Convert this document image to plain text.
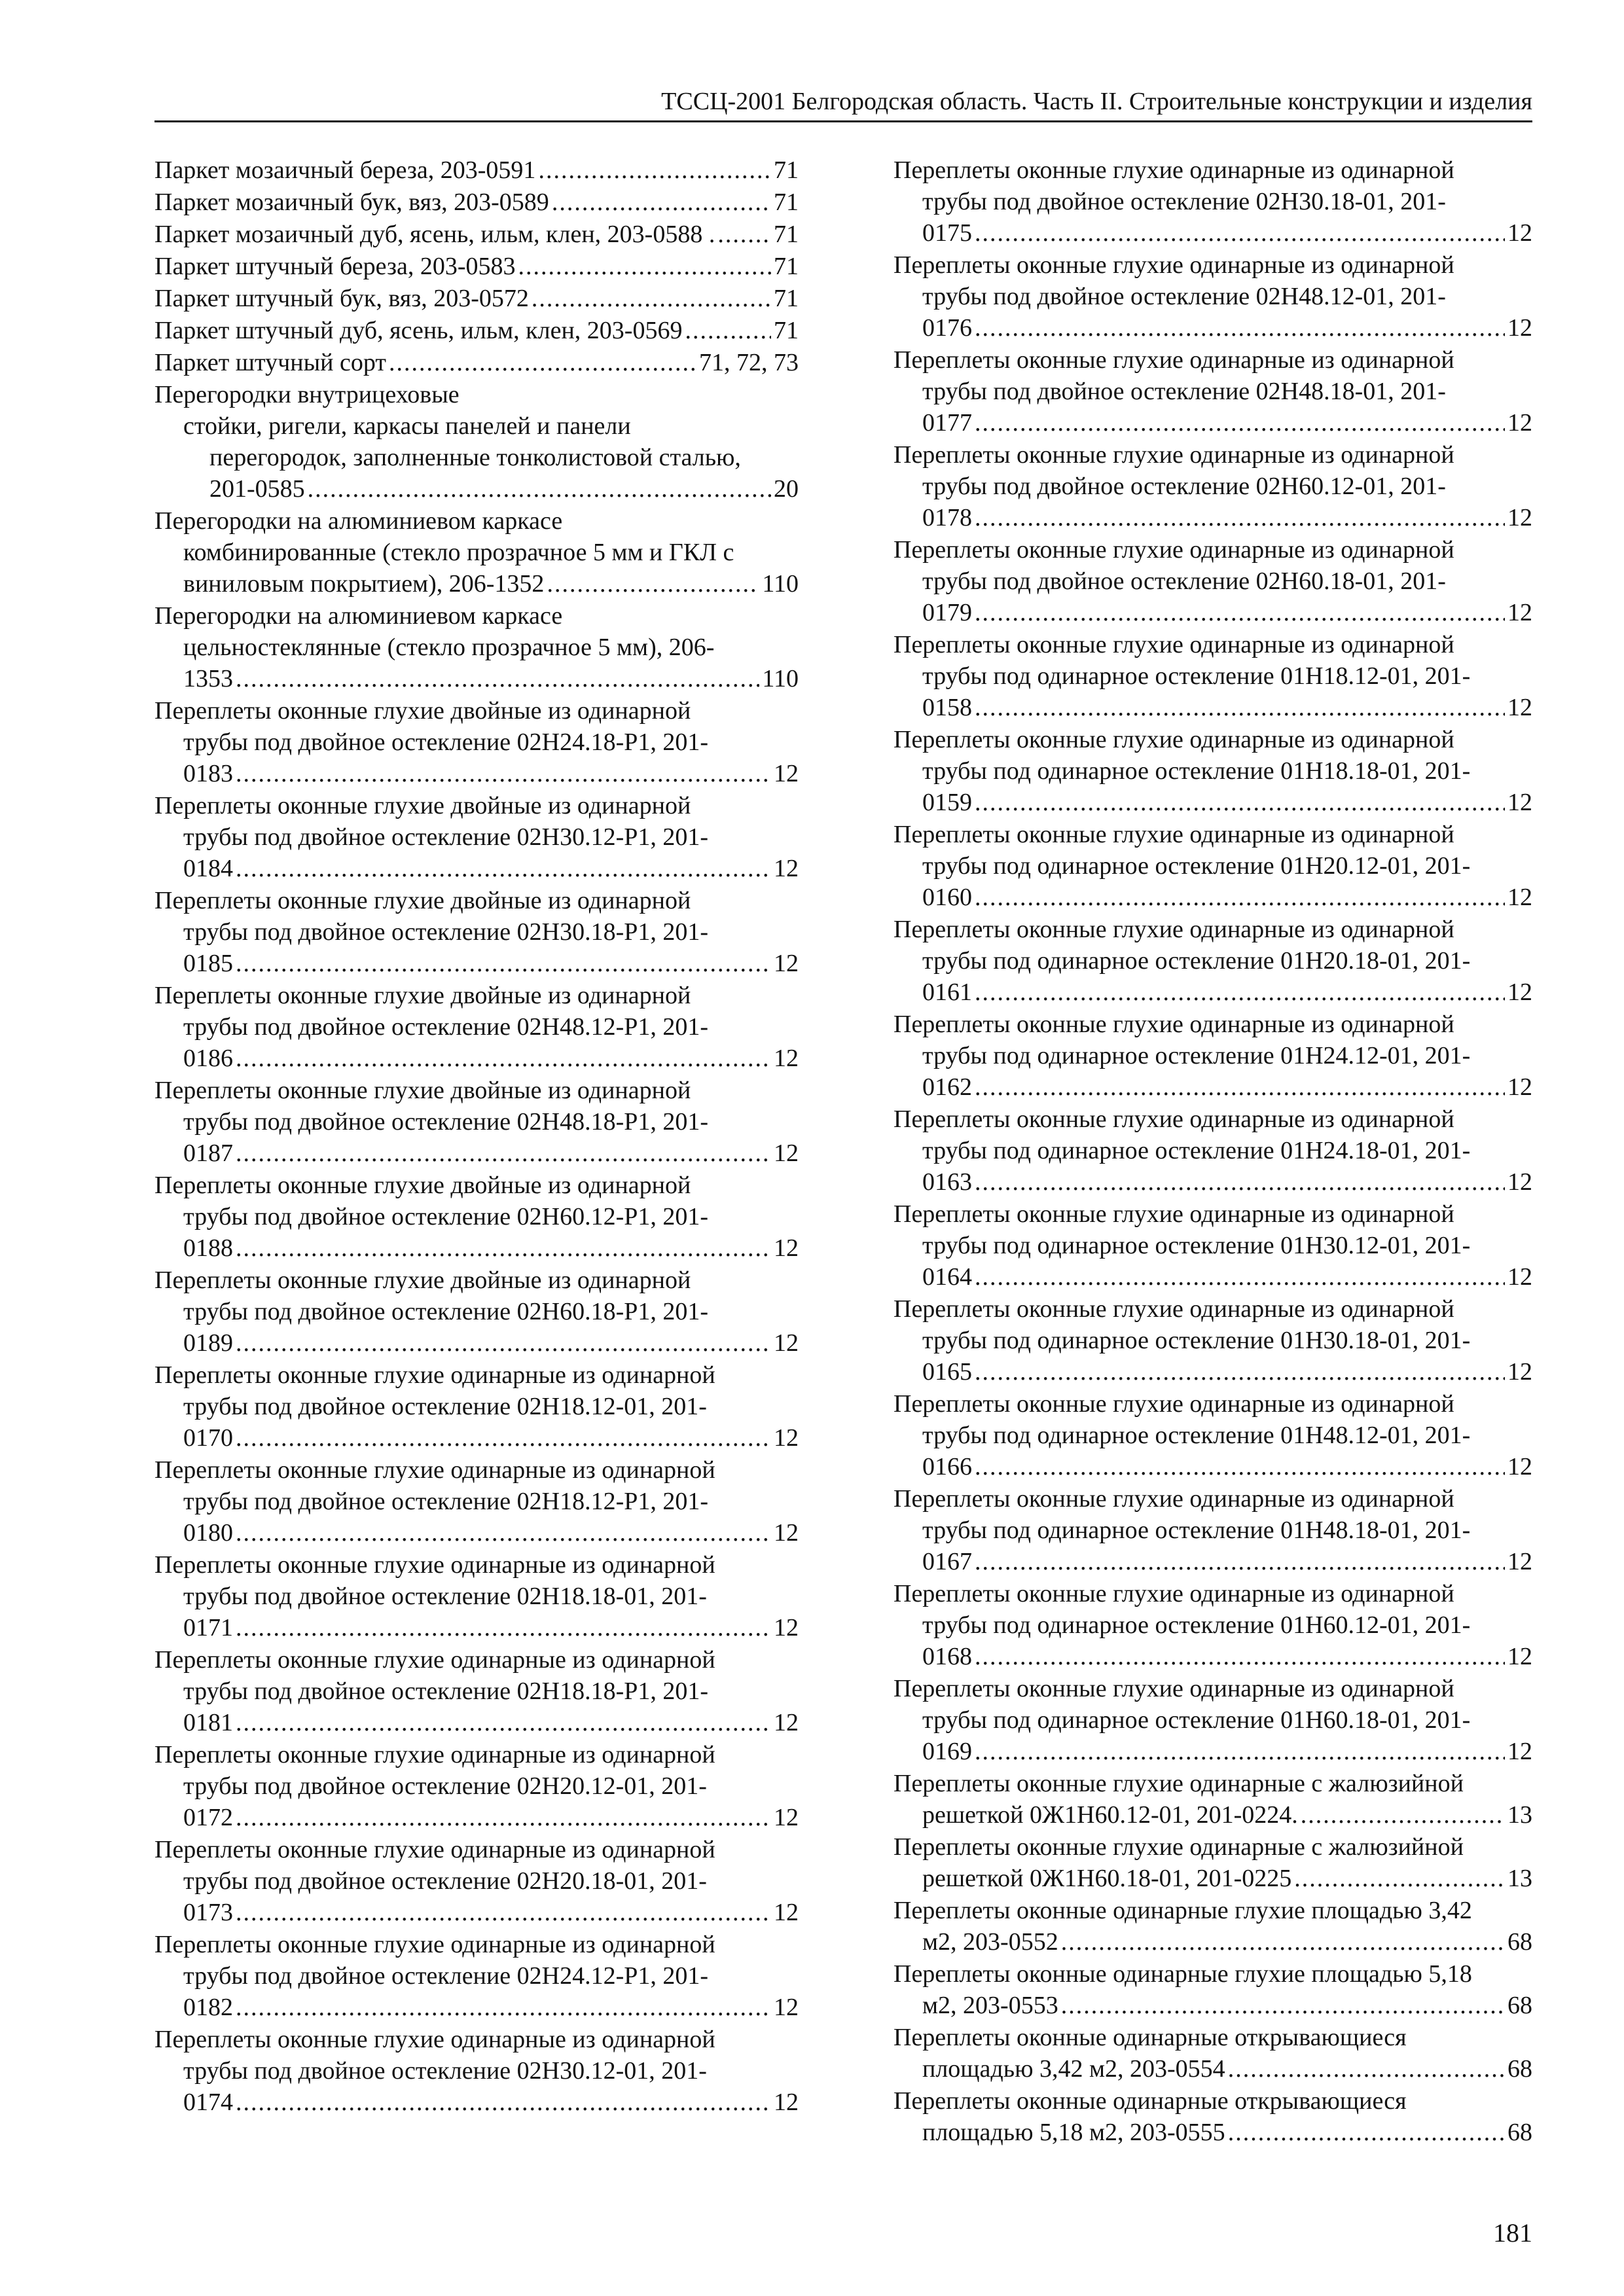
ТССЦ-2001 Белгородская область. Часть II. Строительные конструкции и изделия
Паркет мозаичный береза, 203-0591 .....	71
Паркет мозаичный бук, вяз, 203-0589 .....	71
Паркет мозаичный дуб, ясень, ильм, клен, 203-0588 . ..... 71
Паркет штучный береза, 203-0583 .....	71
Паркет штучный бук, вяз, 203-0572 .....	71
Паркет штучный дуб, ясень, ильм, клен, 203-0569 .....	71
Паркет штучный сорт .....	71, 72, 73
Перегородки внутрицеховые
стойки, ригели, каркасы панелей и панели
перегородок, заполненные тонколистовой сталью,
201-0585 .....	20
Перегородки на алюминиевом каркасе
комбинированные (стекло прозрачное 5 мм и ГКЛ с
виниловым покрытием), 206-1352 .....	110
Перегородки на алюминиевом каркасе
цельностеклянные (стекло прозрачное 5 мм), 206-
1353 .....	110
Переплеты оконные глухие двойные из одинарной
трубы под двойное остекление 02Н24.18-Р1, 201-
0183 .....	12
Переплеты оконные глухие двойные из одинарной
трубы под двойное остекление 02Н30.12-Р1, 201-
0184 .....	12
Переплеты оконные глухие двойные из одинарной
трубы под двойное остекление 02Н30.18-Р1, 201-
0185 .....	12
Переплеты оконные глухие двойные из одинарной
трубы под двойное остекление 02Н48.12-Р1, 201-
0186 .....	12
Переплеты оконные глухие двойные из одинарной
трубы под двойное остекление 02Н48.18-Р1, 201-
0187 .....	12
Переплеты оконные глухие двойные из одинарной
трубы под двойное остекление 02Н60.12-Р1, 201-
0188 .....	12
Переплеты оконные глухие двойные из одинарной
трубы под двойное остекление 02Н60.18-Р1, 201-
0189 .....	12
Переплеты оконные глухие одинарные из одинарной
трубы под двойное остекление 02Н18.12-01, 201-
0170 .....	12
Переплеты оконные глухие одинарные из одинарной
трубы под двойное остекление 02Н18.12-Р1, 201-
0180 .....	12
Переплеты оконные глухие одинарные из одинарной
трубы под двойное остекление 02Н18.18-01, 201-
0171 .....	12
Переплеты оконные глухие одинарные из одинарной
трубы под двойное остекление 02Н18.18-Р1, 201-
0181 .....	12
Переплеты оконные глухие одинарные из одинарной
трубы под двойное остекление 02Н20.12-01, 201-
0172 .....	12
Переплеты оконные глухие одинарные из одинарной
трубы под двойное остекление 02Н20.18-01, 201-
0173 .....	12
Переплеты оконные глухие одинарные из одинарной
трубы под двойное остекление 02Н24.12-Р1, 201-
0182 .....	12
Переплеты оконные глухие одинарные из одинарной
трубы под двойное остекление 02Н30.12-01, 201-
0174 .....	12
Переплеты оконные глухие одинарные из одинарной
трубы под двойное остекление 02Н30.18-01, 201-
0175 .....	12
Переплеты оконные глухие одинарные из одинарной
трубы под двойное остекление 02Н48.12-01, 201-
0176 .....	12
Переплеты оконные глухие одинарные из одинарной
трубы под двойное остекление 02Н48.18-01, 201-
0177 .....	12
Переплеты оконные глухие одинарные из одинарной
трубы под двойное остекление 02Н60.12-01, 201-
0178 .....	12
Переплеты оконные глухие одинарные из одинарной
трубы под двойное остекление 02Н60.18-01, 201-
0179 .....	12
Переплеты оконные глухие одинарные из одинарной
трубы под одинарное остекление 01Н18.12-01, 201-
0158 .....	12
Переплеты оконные глухие одинарные из одинарной
трубы под одинарное остекление 01Н18.18-01, 201-
0159 .....	12
Переплеты оконные глухие одинарные из одинарной
трубы под одинарное остекление 01Н20.12-01, 201-
0160 .....	12
Переплеты оконные глухие одинарные из одинарной
трубы под одинарное остекление 01Н20.18-01, 201-
0161 .....	12
Переплеты оконные глухие одинарные из одинарной
трубы под одинарное остекление 01Н24.12-01, 201-
0162 .....	12
Переплеты оконные глухие одинарные из одинарной
трубы под одинарное остекление 01Н24.18-01, 201-
0163 .....	12
Переплеты оконные глухие одинарные из одинарной
трубы под одинарное остекление 01Н30.12-01, 201-
0164 .....	12
Переплеты оконные глухие одинарные из одинарной
трубы под одинарное остекление 01Н30.18-01, 201-
0165 .....	12
Переплеты оконные глухие одинарные из одинарной
трубы под одинарное остекление 01Н48.12-01, 201-
0166 .....	12
Переплеты оконные глухие одинарные из одинарной
трубы под одинарное остекление 01Н48.18-01, 201-
0167 .....	12
Переплеты оконные глухие одинарные из одинарной
трубы под одинарное остекление 01Н60.12-01, 201-
0168 .....	12
Переплеты оконные глухие одинарные из одинарной
трубы под одинарное остекление 01Н60.18-01, 201-
0169 .....	12
Переплеты оконные глухие одинарные с жалюзийной
решеткой 0Ж1Н60.12-01, 201-0224. .....	13
Переплеты оконные глухие одинарные с жалюзийной
решеткой 0Ж1Н60.18-01, 201-0225 .....	13
Переплеты оконные одинарные глухие площадью 3,42
м2, 203-0552 .....	68
Переплеты оконные одинарные глухие площадью 5,18
м2, 203-0553 .....	68
Переплеты оконные одинарные открывающиеся
площадью 3,42 м2, 203-0554 .....	68
Переплеты оконные одинарные открывающиеся
площадью 5,18 м2, 203-0555 .....	68
181
